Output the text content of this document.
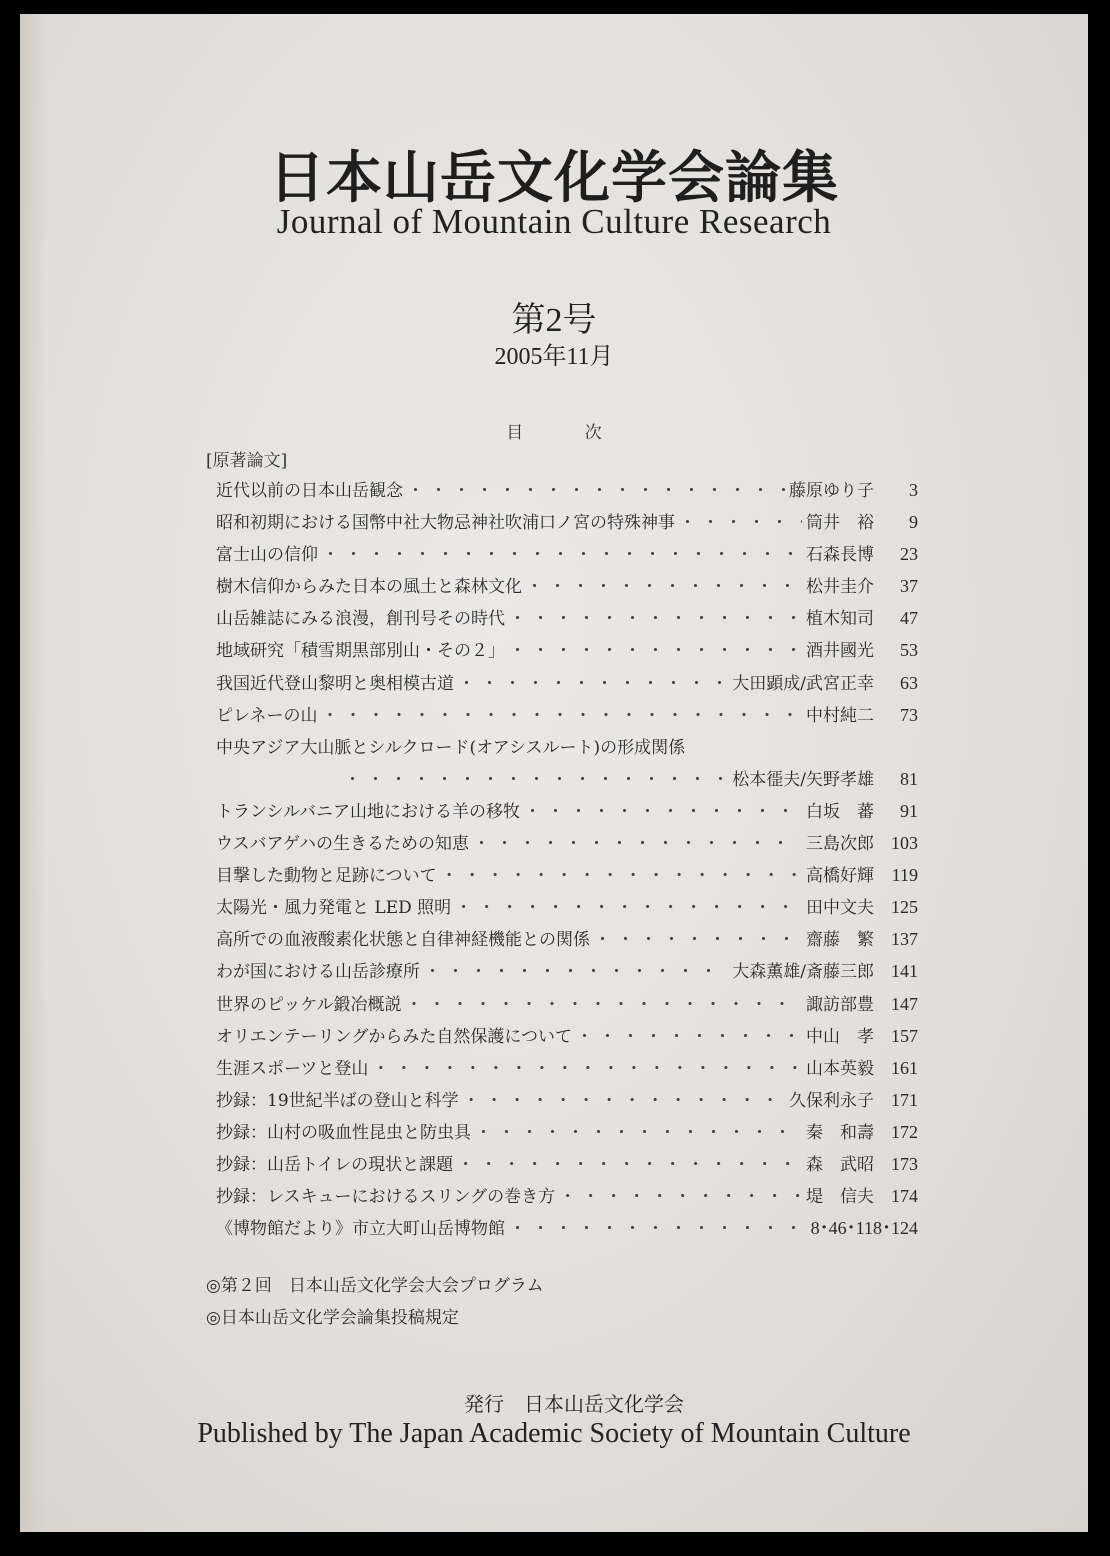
日本山岳文化学会論集
Journal of Mountain Culture Research
第2号
2005年11月
目 次
[原著論文]
近代以前の日本山岳観念 ・・・・・・・・・・・・・・・・・・・・・・・・・・・・・・・・・・・・・・・・・・・・・・・・	藤原ゆり子	3
昭和初期における国幣中社大物忌神社吹浦口ノ宮の特殊神事 ・・・・・・・・・・・・・・・・・・・・・・・・・・・・・・・・・・・・・・・・・・・・・・・・	筒井　裕	9
富士山の信仰 ・・・・・・・・・・・・・・・・・・・・・・・・・・・・・・・・・・・・・・・・・・・・・・・・	石森長博	23
樹木信仰からみた日本の風土と森林文化 ・・・・・・・・・・・・・・・・・・・・・・・・・・・・・・・・・・・・・・・・・・・・・・・・	松井圭介	37
山岳雑誌にみる浪漫，創刊号その時代 ・・・・・・・・・・・・・・・・・・・・・・・・・・・・・・・・・・・・・・・・・・・・・・・・	植木知司	47
地域研究「積雪期黒部別山・その２」 ・・・・・・・・・・・・・・・・・・・・・・・・・・・・・・・・・・・・・・・・・・・・・・・・	酒井國光	53
我国近代登山黎明と奥相模古道 ・・・・・・・・・・・・・・・・・・・・・・・・・・・・・・・・・・・・・・・・・・・・・・・・	大田顕成/武宮正幸	63
ピレネーの山 ・・・・・・・・・・・・・・・・・・・・・・・・・・・・・・・・・・・・・・・・・・・・・・・・	中村純二	73
中央アジア大山脈とシルクロード(オアシスルート)の形成関係
・・・・・・・・・・・・・・・・・・・・・・・・・・・・・・・・・・・・・・・・・・・・・・・・
松本徰夫/矢野孝雄	81
トランシルバニア山地における羊の移牧 ・・・・・・・・・・・・・・・・・・・・・・・・・・・・・・・・・・・・・・・・・・・・・・・・	白坂　蕃	91
ウスバアゲハの生きるための知恵 ・・・・・・・・・・・・・・・・・・・・・・・・・・・・・・・・・・・・・・・・・・・・・・・・	三島次郎 103
目撃した動物と足跡について ・・・・・・・・・・・・・・・・・・・・・・・・・・・・・・・・・・・・・・・・・・・・・・・・	高橋好輝 119
太陽光・風力発電と LED 照明 ・・・・・・・・・・・・・・・・・・・・・・・・・・・・・・・・・・・・・・・・・・・・・・・・	田中文夫 125
高所での血液酸素化状態と自律神経機能との関係 ・・・・・・・・・・・・・・・・・・・・・・・・・・・・・・・・・・・・・・・・・・・・・・・・	齋藤　繁 137
わが国における山岳診療所 ・・・・・・・・・・・・・・・・・・・・・・・・・・・・・・・・・・・・・・・・・・・・・・・・	大森薫雄/斎藤三郎 141
世界のピッケル鍛冶概説 ・・・・・・・・・・・・・・・・・・・・・・・・・・・・・・・・・・・・・・・・・・・・・・・・	諏訪部豊 147
オリエンテーリングからみた自然保護について ・・・・・・・・・・・・・・・・・・・・・・・・・・・・・・・・・・・・・・・・・・・・・・・・	中山　孝 157
生涯スポーツと登山 ・・・・・・・・・・・・・・・・・・・・・・・・・・・・・・・・・・・・・・・・・・・・・・・・	山本英毅 161
抄録：19世紀半ばの登山と科学 ・・・・・・・・・・・・・・・・・・・・・・・・・・・・・・・・・・・・・・・・・・・・・・・・	久保利永子 171
抄録：山村の吸血性昆虫と防虫具 ・・・・・・・・・・・・・・・・・・・・・・・・・・・・・・・・・・・・・・・・・・・・・・・・	秦　和壽 172
抄録：山岳トイレの現状と課題 ・・・・・・・・・・・・・・・・・・・・・・・・・・・・・・・・・・・・・・・・・・・・・・・・	森　武昭 173
抄録：レスキューにおけるスリングの巻き方 ・・・・・・・・・・・・・・・・・・・・・・・・・・・・・・・・・・・・・・・・・・・・・・・・	堤　信夫 174
《博物館だより》市立大町山岳博物館 ・・・・・・・・・・・・・・・・・・・・・・・・・・・・・・・・・・・・・・・・・・・・・・・・	8･46･118･124
◎第２回　日本山岳文化学会大会プログラム
◎日本山岳文化学会論集投稿規定
発行　日本山岳文化学会
Published by The Japan Academic Society of Mountain Culture
